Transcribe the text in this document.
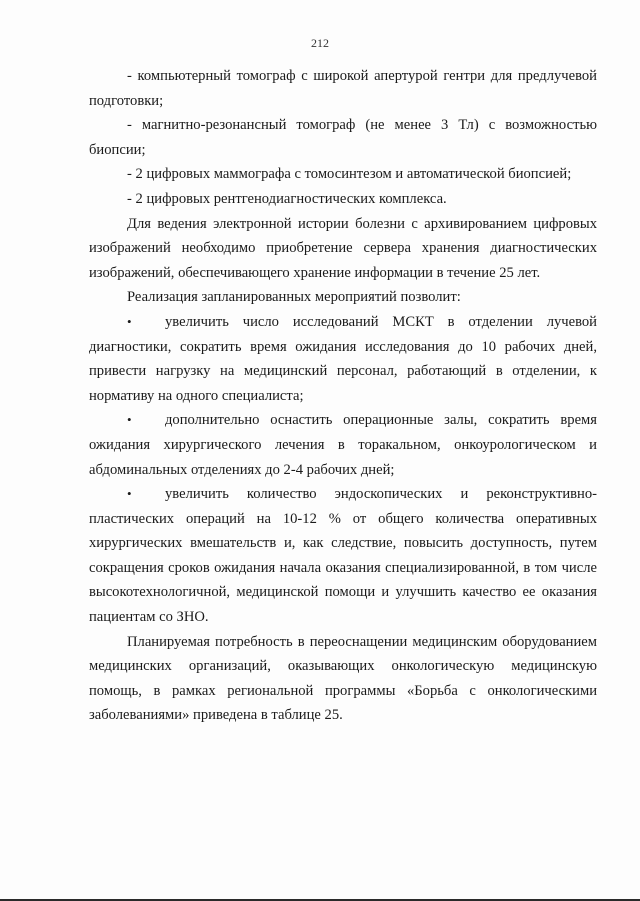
212

- компьютерный томограф с широкой апертурой гентри для предлучевой подготовки;

- магнитно-резонансный томограф (не менее 3 Тл) с возможностью биопсии;

- 2 цифровых маммографа с томосинтезом и автоматической биопсией;

- 2 цифровых рентгенодиагностических комплекса.

Для ведения электронной истории болезни с архивированием цифровых изображений необходимо приобретение сервера хранения диагностических изображений, обеспечивающего хранение информации в течение 25 лет.

Реализация запланированных мероприятий позволит:

• увеличить число исследований МСКТ в отделении лучевой диагностики, сократить время ожидания исследования до 10 рабочих дней, привести нагрузку на медицинский персонал, работающий в отделении, к нормативу на одного специалиста;

• дополнительно оснастить операционные залы, сократить время ожидания хирургического лечения в торакальном, онкоурологическом и абдоминальных отделениях до 2-4 рабочих дней;

• увеличить количество эндоскопических и реконструктивно-пластических операций на 10-12 % от общего количества оперативных хирургических вмешательств и, как следствие, повысить доступность, путем сокращения сроков ожидания начала оказания специализированной, в том числе высокотехнологичной, медицинской помощи и улучшить качество ее оказания пациентам со ЗНО.

Планируемая потребность в переоснащении медицинским оборудованием медицинских организаций, оказывающих онкологическую медицинскую помощь, в рамках региональной программы «Борьба с онкологическими заболеваниями» приведена в таблице 25.
